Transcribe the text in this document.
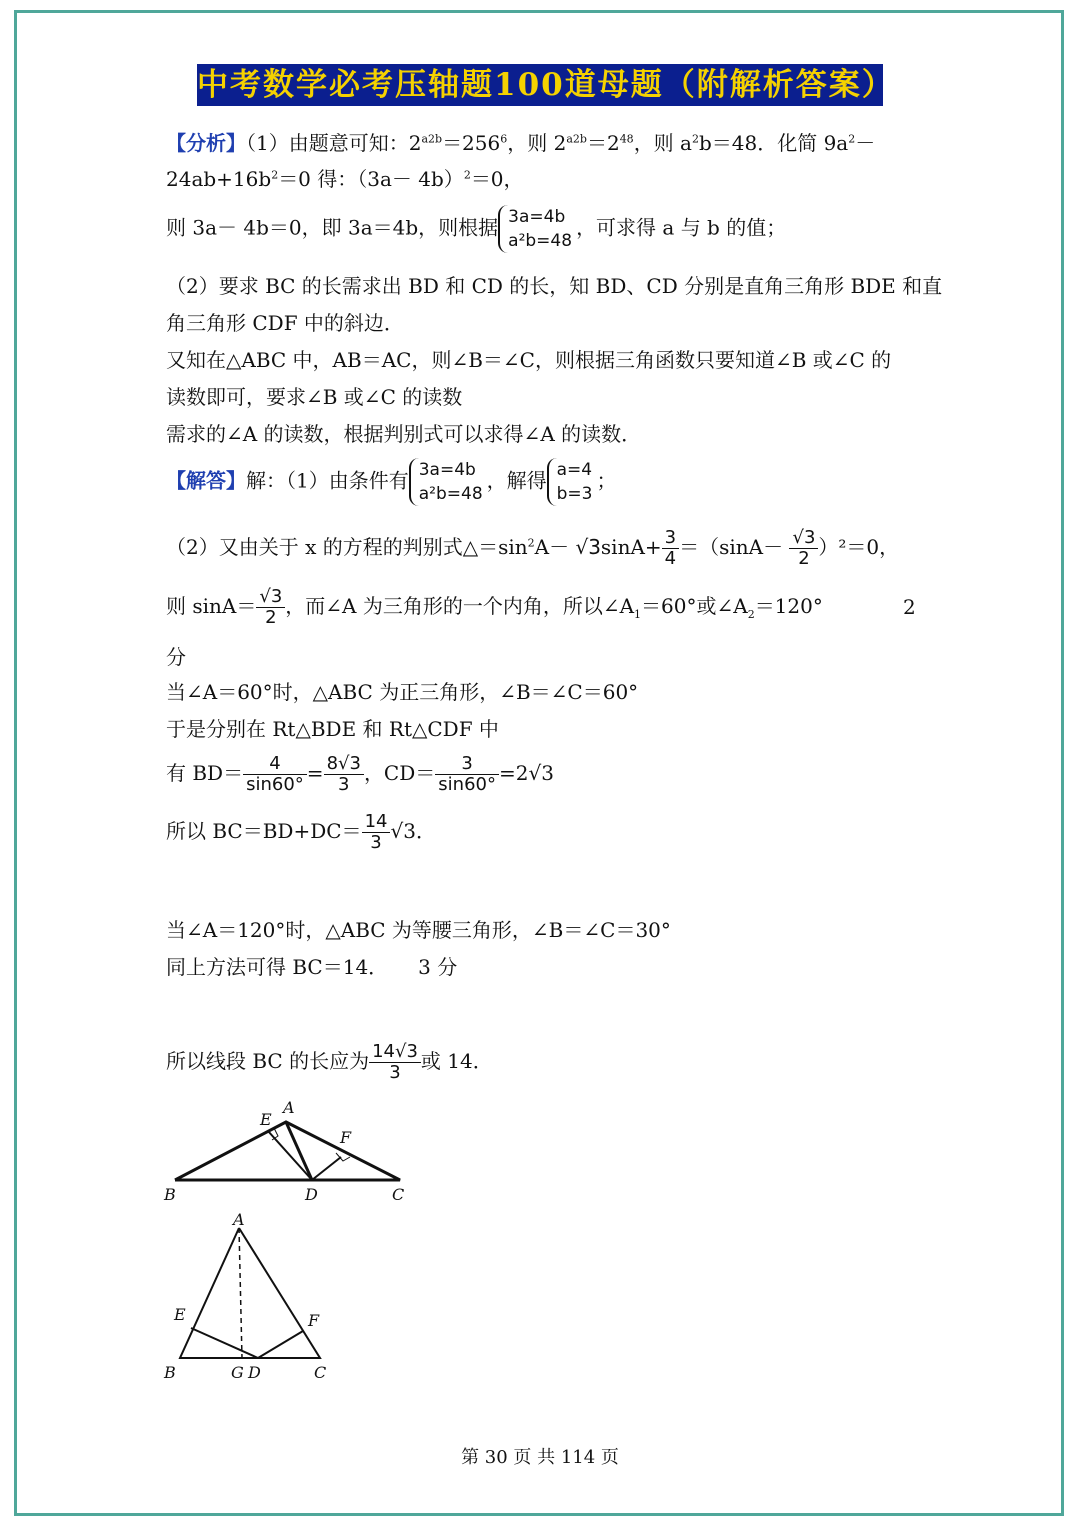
中考数学必考压轴题100道母题（附解析答案）
【分析】（1）由题意可知：$2^{a2b}=256^6$，则 $2^{a2b}=2^{48}$，则 $a^2b=48$．化简 $9a^2-$
$24ab+16b^2=0$ 得：$(3a- 4b)^2=0$，
则 3a－ 4b＝0，即 3a＝4b，则根据 3a=4b
a²b=48
，可求得 a 与 b 的值；
（2）要求 BC 的长需求出 BD 和 CD 的长，知 BD、CD 分别是直角三角形 BDE 和直
角三角形 CDF 中的斜边．
又知在△ABC 中，AB＝AC，则∠B＝∠C，则根据三角函数只要知道∠B 或∠C 的
读数即可，要求∠B 或∠C 的读数
需求的∠A 的读数，根据判别式可以求得∠A 的读数．
【解答】解：（1）由条件有 3a=4b
a²b=48
，解得 a=4
b=3
；
（2）又由关于 x 的方程的判别式$\triangle=\sin^2A- √3\sin A+ \frac{3}{4} =(\sin A- \frac{√3}{2} )^2=0$，
则 $\sin A= \frac{√3}{2}$ ，而∠A 为三角形的一个内角，所以$\angle A_1=60^\circ$或$\angle A_2=120^\circ$	2
分
当∠A＝60°时，△ABC 为正三角形，∠B＝∠C＝60°
于是分别在 Rt△BDE 和 Rt△CDF 中
有 $BD= \frac{4}{\sin 60^\circ} = \frac{8√3}{3}$ ，$CD= \frac{3}{\sin 60^\circ} =2√3$
所以 $BC=BD+DC= \frac{14}{3} √3$．
当∠A＝120°时，△ABC 为等腰三角形，∠B＝∠C＝30°
同上方法可得 BC＝14．　　3 分
所以线段 BC 的长应为 $\frac{14√3}{3}$ 或 14．
E
A
F
B	D	C
A
E	F
B	G D	C
第 30 页 共 114 页
